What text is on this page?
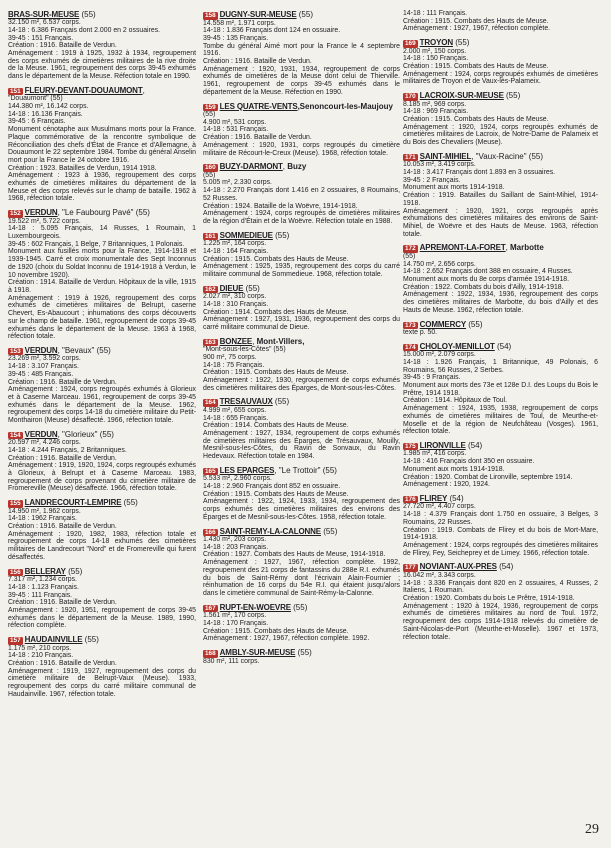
BRAS-SUR-MEUSE (55)

32.150 m², 6.537 corps.

14-18 : 6.386 Français dont 2.000 en 2 ossuaires.

39-45 : 151 Français.

Création : 1916. Bataille de Verdun.

Aménagement : 1919 à 1925, 1932 à 1934, regroupement des corps exhumés de cimetières militaires de la rive droite de la Meuse. 1961, regroupement des corps 39-45 exhumés dans le département de la Meuse. Réfection totale en 1990.

151 FLEURY-DEVANT-DOUAUMONT,

"Douaumont" (55)

144.380 m², 16.142 corps.

14-18 : 16.136 Français.

39-45 : 6 Français.

Monument cénotaphe aux Musulmans morts pour la France. Plaque commémorative de la rencontre symbolique de Réconciliation des chefs d'État de France et d'Allemagne, à Douaumont le 22 septembre 1984. Tombe du général Anselin mort pour la France le 24 octobre 1916.

Création : 1923. Batailles de Verdun, 1914 1918.

Aménagement : 1923 à 1936, regroupement des corps exhumés de cimetières militaires du département de la Meuse et des corps relevés sur le champ de bataille. 1962 à 1968, réfection totale.

152 VERDUN, "Le Faubourg Pavé" (55)

19.522 m², 5.722 corps.

14-18 : 5.095 Français, 14 Russes, 1 Roumain, 1 Luxembourgeois.

39-45 : 602 Français, 1 Belge, 7 Britanniques, 1 Polonais.

Monument aux fusillés morts pour la France, 1914-1918 et 1939-1945. Carré et croix monumentale des Sept Inconnus de 1920 (choix du Soldat Inconnu de 1914-1918 à Verdun, le 10 novembre 1920).

Création : 1914. Bataille de Verdun. Hôpitaux de la ville, 1915 à 1918.

Aménagement : 1919 à 1926, regroupement des corps exhumés de cimetières militaires de Belrupt, caserne Chevert, Es-Abaucourt ; inhumations des corps découverts sur le champ de bataille. 1961, regroupement de corps 39-45 exhumés dans le département de la Meuse. 1963 à 1968, réfection totale.

153 VERDUN, "Bevaux" (55)

23.269 m², 3.592 corps.

14-18 : 3.107 Français.

39-45 : 485 Français.

Création : 1916. Bataille de Verdun.

Aménagement : 1924, corps regroupés exhumés à Glorieux et à Caserne Marceau. 1961, regroupement de corps 39-45 exhumés dans le département de la Meuse. 1962, regroupement des corps 14-18 du cimetière militaire du Petit-Monthairon (Meuse) désaffecté. 1966, réfection totale.

154 VERDUN, "Glorieux" (55)

20.597 m², 4.246 corps.

14-18 : 4.244 Français, 2 Britanniques.

Création : 1916. Bataille de Verdun.

Aménagement : 1919, 1920, 1924, corps regroupés exhumés à Glorieux, à Belrupt et à Caserne Marceau. 1983, regroupement de corps provenant du cimetière militaire de Fromereville (Meuse) désaffecté. 1966, réfection totale.

155 LANDRECOURT-LEMPIRE (55)

14.950 m², 1.962 corps.

14-18 : 1962 Français.

Création : 1916. Bataille de Verdun.

Aménagement : 1920, 1982, 1983, réfection totale et regroupement de corps 14-18 exhumés des cimetières militaires de Landrecourt "Nord" et de Fromereville qui furent désaffectés.

156 BELLERAY (55)

7.317 m², 1.234 corps.

14-18 : 1.123 Français.

39-45 : 111 Français.

Création : 1916. Bataille de Verdun.

Aménagement : 1920, 1951, regroupement de corps 39-45 exhumés dans le département de la Meuse. 1989, 1990, réfection complète.

157 HAUDAINVILLE (55)

1.175 m², 210 corps.

14-18 : 210 Français.

Création : 1916. Bataille de Verdun.

Aménagement : 1919, 1927, regroupement des corps du cimetière militaire de Belrupt-Vaux (Meuse). 1933, regroupement des corps du carré militaire communal de Haudainville. 1967, réfection totale.

158 DUGNY-SUR-MEUSE (55)

14.558 m², 1.971 corps.

14-18 : 1.836 Français dont 124 en ossuaire.

39-45 : 135 Français.

Tombe du général Aimé mort pour la France le 4 septembre 1916.

Création : 1916. Bataille de Verdun.

Aménagement : 1920, 1931, 1934, regroupement de corps exhumés de cimetières de la Meuse dont celui de Thierville. 1961, regroupement de corps 39-45 exhumés dans le département de la Meuse. Réfection en 1990.

159 LES QUATRE-VENTS,Senoncourt-les-Maujouy

(55)

4.900 m², 531 corps.

14-18 : 531 Français.

Création : 1916. Bataille de Verdun.

Aménagement : 1920, 1931, corps regroupés du cimetière militaire de Récourt-le-Creux (Meuse). 1968, réfection totale.

160 BUZY-DARMONT, Buzy

(55)

5.005 m², 2.330 corps.

14-18 : 2.270 Français dont 1.416 en 2 ossuaires, 8 Roumains, 52 Russes.

Création : 1924. Bataille de la Woëvre, 1914-1918.

Aménagement : 1924, corps regroupés de cimetières militaires de la région d'Étain et de la Woëvre. Réfection totale en 1988.

161 SOMMEDIEUE (55)

1.225 m², 164 corps.

14-18 : 164 Français.

Création : 1915. Combats des Hauts de Meuse.

Aménagement : 1925, 1935, regroupement des corps du carré militaire communal de Sommedieue. 1968, réfection totale.

162 DIEUE (55)

2.027 m², 310 corps.

14-18 : 310 Français.

Création : 1914. Combats des Hauts de Meuse.

Aménagement : 1927, 1931, 1936, regroupement des corps du carré militaire communal de Dieue.

163 BONZEE, Mont-Villers,

"Mont-sous-les-Côtes" (55)

900 m², 75 corps.

14-18 : 75 Français.

Création : 1915. Combats des Hauts de Meuse.

Aménagement : 1922, 1930, regroupement de corps exhumés des cimetières militaires des Éparges, de Mont-sous-les-Côtes.

164 TRESAUVAUX (55)

4.999 m², 655 corps.

14-18 : 655 Français.

Création : 1914. Combats des Hauts de Meuse.

Aménagement : 1927, 1934, regroupement de corps exhumés de cimetières militaires des Éparges, de Trésauvaux, Mouilly, Mesnil-sous-les-Côtes, du Ravin de Sonvaux, du Ravin Hedevaux. Réfection totale en 1984.

165 LES EPARGES, "Le Trottoir" (55)

5.533 m², 2.960 corps.

14-18 : 2.960 Français dont 852 en ossuaire.

Création : 1915. Combats des Hauts de Meuse.

Aménagement : 1922, 1924, 1933, 1934, regroupement des corps exhumés des cimetières militaires des environs des Éparges et de Mesnil-sous-les-Côtes. 1958, réfection totale.

166 SAINT-REMY-LA-CALONNE (55)

1.430 m², 203 corps.

14-18 : 203 Français.

Création : 1927. Combats des Hauts de Meuse, 1914-1918.

Aménagement : 1927, 1967, réfection complète. 1992, regroupement des 21 corps de fantassins du 288e R.I. exhumés du bois de Saint-Rémy dont l'écrivain Alain-Fournier ; réinhumation de 16 corps du 54e R.I. qui étaient jusqu'alors dans le cimetière communal de Saint-Rémy-la-Calonne.

167 RUPT-EN-WOEVRE (55)

1.561 m², 170 corps.

14-18 : 170 Français.

Création : 1915. Combats des Hauts de Meuse.

Aménagement : 1927, 1967, réfection complète. 1992.

168 AMBLY-SUR-MEUSE (55)

830 m², 111 corps.

14-18 : 111 Français.

Création : 1915. Combats des Hauts de Meuse.

Aménagement : 1927, 1967, réfection complète.

169 TROYON (55)

2.000 m², 150 corps.

14-18 : 150 Français.

Création : 1915. Combats des Hauts de Meuse.

Aménagement : 1924, corps regroupés exhumés de cimetières militaires de Troyon et de Vaux-lès-Palameix.

170 LACROIX-SUR-MEUSE (55)

8.185 m², 969 corps.

14-18 : 969 Français.

Création : 1915. Combats des Hauts de Meuse.

Aménagement : 1920, 1924, corps regroupés exhumés de cimetières militaires de Lacroix, de Notre-Dame de Palameix et du Bois des Chevaliers (Meuse).

171 SAINT-MIHIEL, "Vaux-Racine" (55)

10.053 m², 3.419 corps.

14-18 : 3.417 Français dont 1.893 en 3 ossuaires.

39-45 : 2 Français.

Monument aux morts 1914-1918.

Création : 1919. Batailles du Saillant de Saint-Mihiel, 1914-1918.

Aménagement : 1920, 1921, corps regroupés après exhumations des cimetières militaires des environs de Saint-Mihiel, de Woëvre et des Hauts de Meuse. 1963, réfection totale.

172 APREMONT-LA-FORET, Marbotte

(55)

14.750 m², 2.656 corps.

14-18 : 2.652 Français dont 388 en ossuaire, 4 Russes.

Monument aux morts du 8e corps d'armée 1914-1918.

Création : 1922. Combats du bois d'Ailly, 1914-1918.

Aménagement : 1922, 1934, 1936, regroupement des corps des cimetières militaires de Marbotte, du bois d'Ailly et des Hauts de Meuse. 1962, réfection totale.

173 COMMERCY (55)

texte p. 50.

174 CHOLOY-MENILLOT (54)

15.000 m², 2.079 corps.

14-18 : 1.926 Français, 1 Britannique, 49 Polonais, 6 Roumains, 56 Russes, 2 Serbes.

39-45 : 9 Français.

Monument aux morts des 73e et 128e D.I. des Loups du Bois le Prêtre, 1914 1918.

Création : 1914. Hôpitaux de Toul.

Aménagement : 1924, 1935, 1938, regroupement de corps exhumés de cimetières militaires de Toul, de Meurthe-et-Moselle et de la région de Neufchâteau (Vosges). 1961, réfection totale.

175 LIRONVILLE (54)

1.985 m², 416 corps.

14-18 : 416 Français dont 350 en ossuaire.

Monument aux morts 1914-1918.

Création : 1920. Combat de Lironville, septembre 1914.

Aménagement : 1920, 1924.

176 FLIREY (54)

27.720 m², 4.407 corps.

14-18 : 4.379 Français dont 1.750 en ossuaire, 3 Belges, 3 Roumains, 22 Russes.

Création : 1919. Combats de Flirey et du bois de Mort-Mare, 1914-1918.

Aménagement : 1924, corps regroupés des cimetières militaires de Flirey, Fey, Seicheprey et de Limey. 1966, réfection totale.

177 NOVIANT-AUX-PRES (54)

16.042 m², 3.343 corps.

14-18 : 3.336 Français dont 820 en 2 ossuaires, 4 Russes, 2 Italiens, 1 Roumain.

Création : 1920. Combats du bois Le Prêtre, 1914-1918.

Aménagement : 1920 à 1924, 1936, regroupement de corps exhumés de cimetières militaires au nord de Toul. 1972, regroupement des corps 1914-1918 relevés du cimetière de Saint-Nicolas-de-Port (Meurthe-et-Moselle). 1967 et 1973, réfection totale.

29
